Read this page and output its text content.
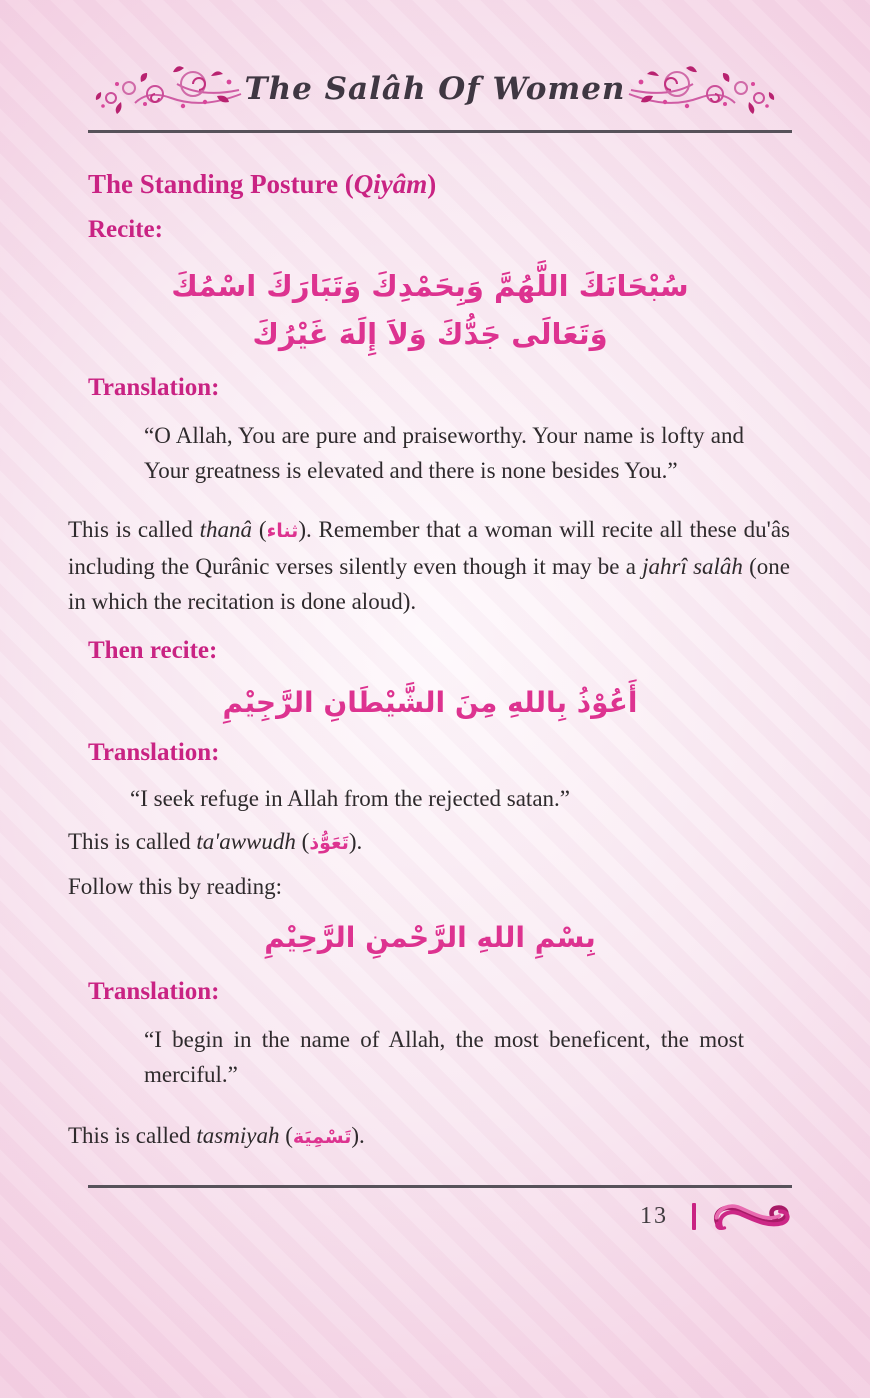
The Salâh Of Women
The Standing Posture (Qiyâm)
Recite:
سُبْحَانَكَ اللَّهُمَّ وَبِحَمْدِكَ وَتَبَارَكَ اسْمُكَ
وَتَعَالَى جَدُّكَ وَلاَ إِلَهَ غَيْرُكَ
Translation:
“O Allah, You are pure and praiseworthy. Your name is lofty and Your greatness is elevated and there is none besides You.”

This is called thanâ (ثناء). Remember that a woman will recite all these du'âs including the Qurânic verses silently even though it may be a jahrî salâh (one in which the recitation is done aloud).

Then recite:
أَعُوْذُ بِاللهِ مِنَ الشَّيْطَانِ الرَّجِيْمِ
Translation:
“I seek refuge in Allah from the rejected satan.”
This is called ta'awwudh (تَعَوُّذ).
Follow this by reading:
بِسْمِ اللهِ الرَّحْمنِ الرَّحِيْمِ
Translation:
“I begin in the name of Allah, the most beneficent, the most merciful.”
This is called tasmiyah (تَسْمِيَة).
13
